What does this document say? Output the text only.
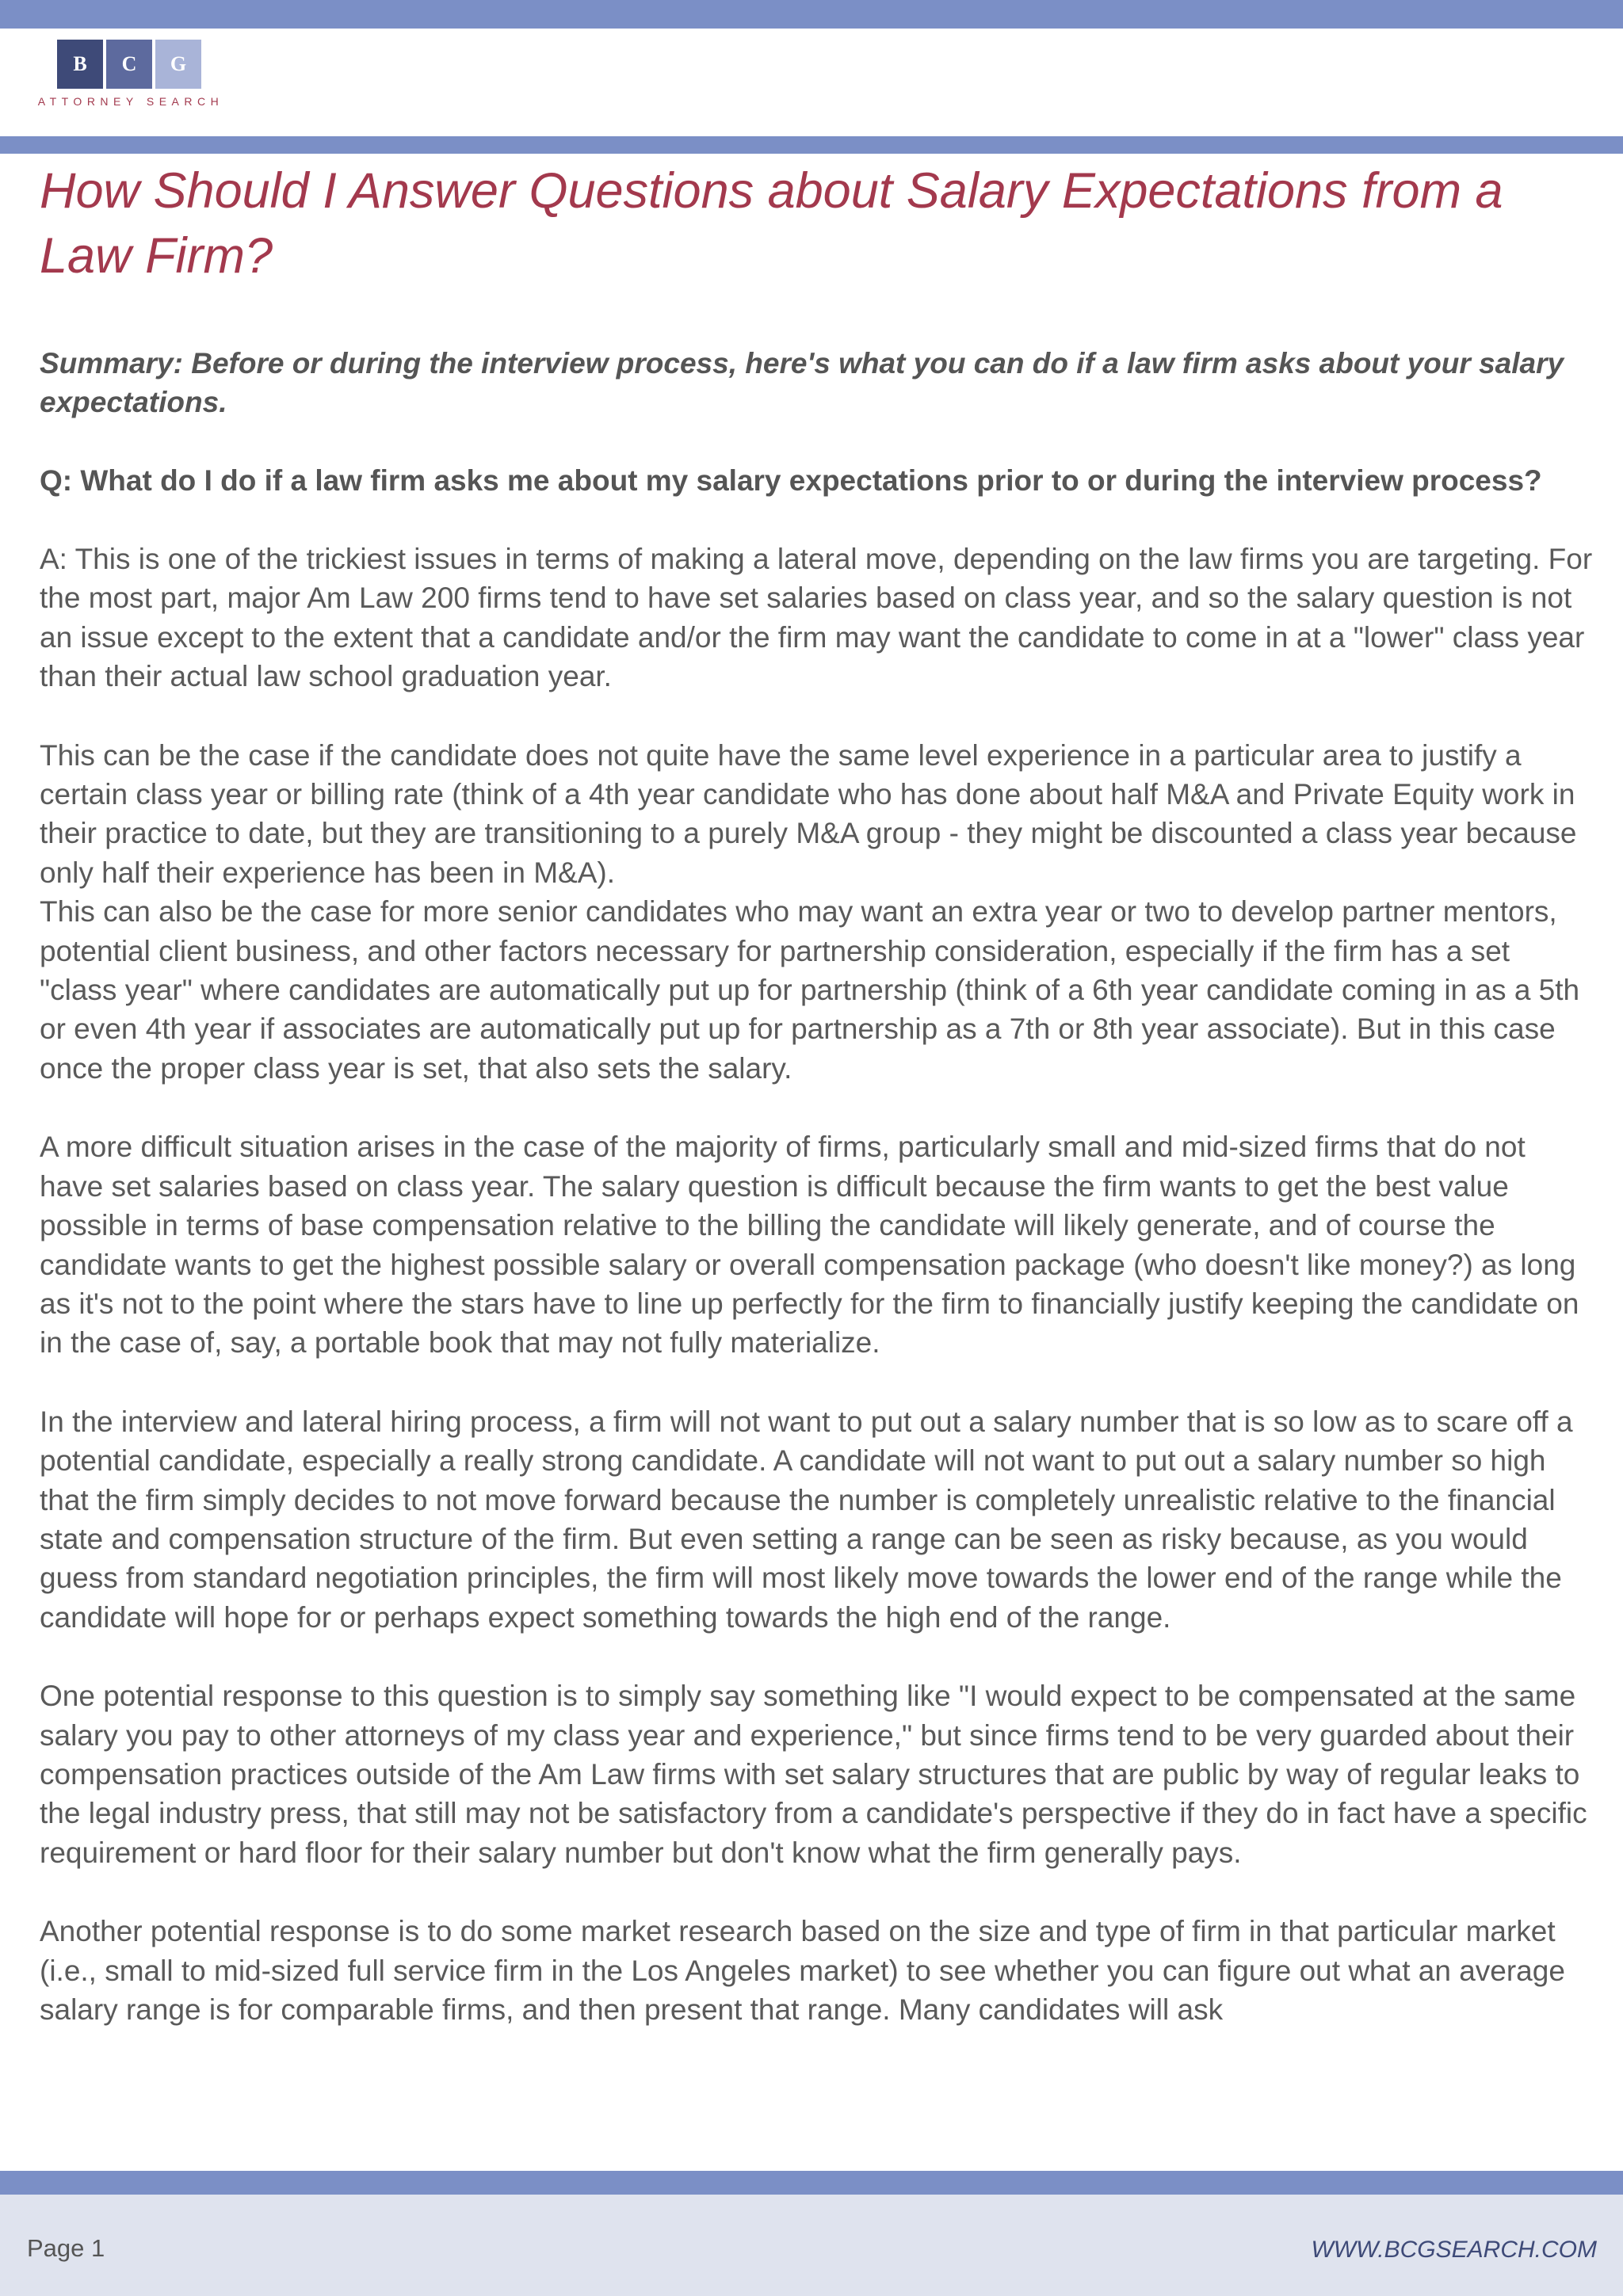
B	C	G
ATTORNEY SEARCH
How Should I Answer Questions about Salary Expectations from a Law Firm?

Summary: Before or during the interview process, here's what you can do if a law firm asks about your salary expectations.

Q: What do I do if a law firm asks me about my salary expectations prior to or during the interview process?

A: This is one of the trickiest issues in terms of making a lateral move, depending on the law firms you are targeting. For the most part, major Am Law 200 firms tend to have set salaries based on class year, and so the salary question is not an issue except to the extent that a candidate and/or the firm may want the candidate to come in at a "lower" class year than their actual law school graduation year.

This can be the case if the candidate does not quite have the same level experience in a particular area to justify a certain class year or billing rate (think of a 4th year candidate who has done about half M&A and Private Equity work in their practice to date, but they are transitioning to a purely M&A group - they might be discounted a class year because only half their experience has been in M&A).

This can also be the case for more senior candidates who may want an extra year or two to develop partner mentors, potential client business, and other factors necessary for partnership consideration, especially if the firm has a set "class year" where candidates are automatically put up for partnership (think of a 6th year candidate coming in as a 5th or even 4th year if associates are automatically put up for partnership as a 7th or 8th year associate). But in this case once the proper class year is set, that also sets the salary.

A more difficult situation arises in the case of the majority of firms, particularly small and mid-sized firms that do not have set salaries based on class year. The salary question is difficult because the firm wants to get the best value possible in terms of base compensation relative to the billing the candidate will likely generate, and of course the candidate wants to get the highest possible salary or overall compensation package (who doesn't like money?) as long as it's not to the point where the stars have to line up perfectly for the firm to financially justify keeping the candidate on in the case of, say, a portable book that may not fully materialize.

In the interview and lateral hiring process, a firm will not want to put out a salary number that is so low as to scare off a potential candidate, especially a really strong candidate. A candidate will not want to put out a salary number so high that the firm simply decides to not move forward because the number is completely unrealistic relative to the financial state and compensation structure of the firm. But even setting a range can be seen as risky because, as you would guess from standard negotiation principles, the firm will most likely move towards the lower end of the range while the candidate will hope for or perhaps expect something towards the high end of the range.

One potential response to this question is to simply say something like "I would expect to be compensated at the same salary you pay to other attorneys of my class year and experience," but since firms tend to be very guarded about their compensation practices outside of the Am Law firms with set salary structures that are public by way of regular leaks to the legal industry press, that still may not be satisfactory from a candidate's perspective if they do in fact have a specific requirement or hard floor for their salary number but don't know what the firm generally pays.

Another potential response is to do some market research based on the size and type of firm in that particular market (i.e., small to mid-sized full service firm in the Los Angeles market) to see whether you can figure out what an average salary range is for comparable firms, and then present that range. Many candidates will ask

Page 1	WWW.BCGSEARCH.COM
